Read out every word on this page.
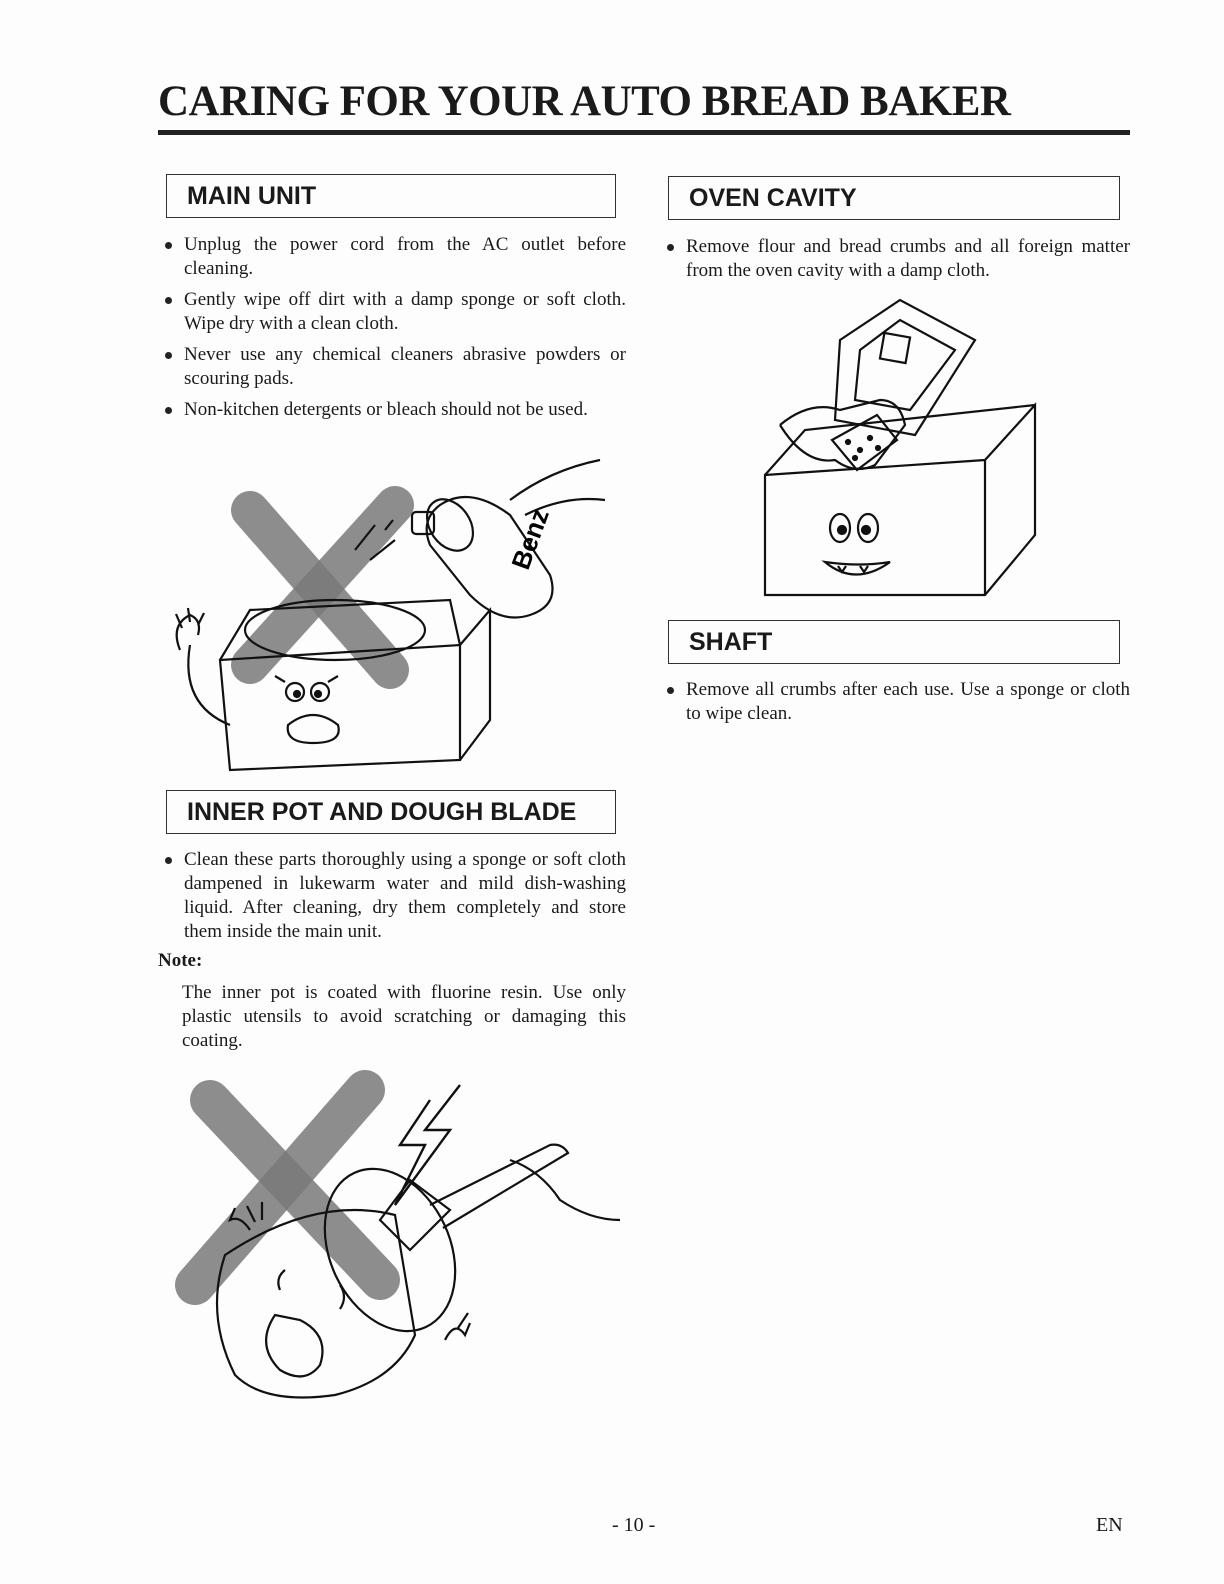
CARING FOR YOUR AUTO BREAD BAKER
MAIN UNIT
Unplug the power cord from the AC outlet before cleaning.
Gently wipe off dirt with a damp sponge or soft cloth. Wipe dry with a clean cloth.
Never use any chemical cleaners abrasive powders or scouring pads.
Non-kitchen detergents or bleach should not be used.
Benz
INNER POT AND DOUGH BLADE
Clean these parts thoroughly using a sponge or soft cloth dampened in lukewarm water and mild dish-washing liquid. After cleaning, dry them completely and store them inside the main unit.
Note:

The inner pot is coated with fluorine resin. Use only plastic utensils to avoid scratching or damaging this coating.

OVEN CAVITY
Remove flour and bread crumbs and all foreign matter from the oven cavity with a damp cloth.
SHAFT
Remove all crumbs after each use. Use a sponge or cloth to wipe clean.
- 10 -	EN
